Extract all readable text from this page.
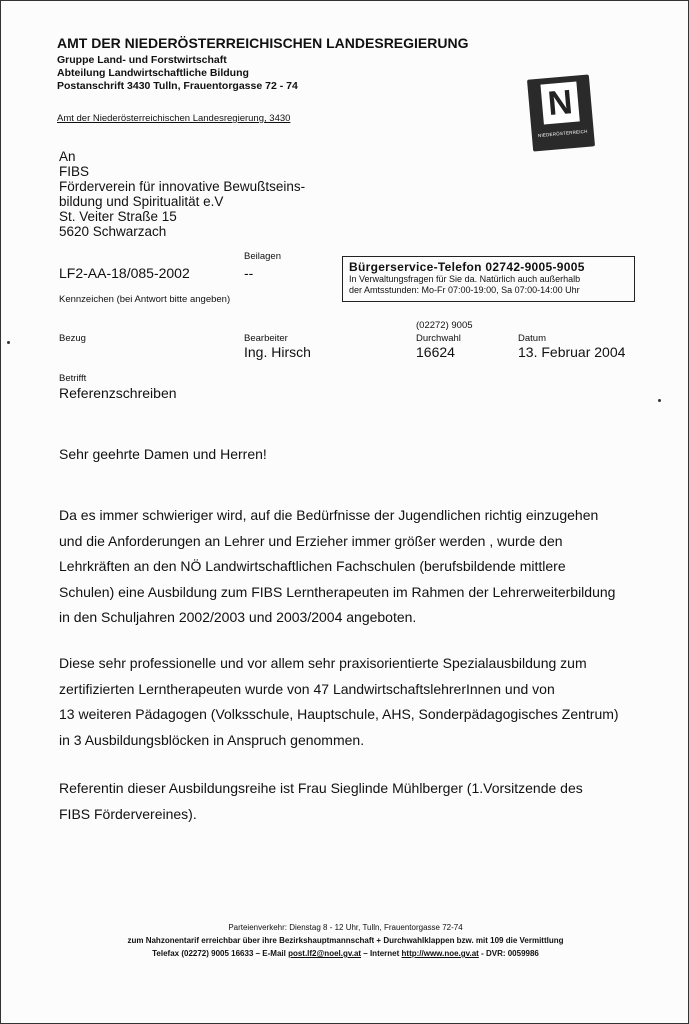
AMT DER NIEDERÖSTERREICHISCHEN LANDESREGIERUNG
Gruppe Land- und Forstwirtschaft
Abteilung Landwirtschaftliche Bildung
Postanschrift 3430 Tulln, Frauentorgasse 72 - 74
Amt der Niederösterreichischen Landesregierung, 3430	N
NIEDERÖSTERREICH
An
FIBS
Förderverein für innovative Bewußtseins-
bildung und Spiritualität e.V
St. Veiter Straße 15
5620 Schwarzach
Beilagen
--
LF2-AA-18/085-2002
Kennzeichen (bei Antwort bitte angeben)
Bürgerservice-Telefon 02742-9005-9005
In Verwaltungsfragen für Sie da. Natürlich auch außerhalb
der Amtsstunden: Mo-Fr 07:00-19:00, Sa 07:00-14:00 Uhr
Bezug	Bearbeiter
Ing. Hirsch
(02272) 9005
Durchwahl
16624
Datum
13. Februar 2004
Betrifft
Referenzschreiben
Sehr geehrte Damen und Herren!
Da es immer schwieriger wird, auf die Bedürfnisse der Jugendlichen richtig einzugehen
und die Anforderungen an Lehrer und Erzieher immer größer werden , wurde den
Lehrkräften an den NÖ Landwirtschaftlichen Fachschulen (berufsbildende mittlere
Schulen) eine Ausbildung zum FIBS Lerntherapeuten im Rahmen der Lehrerweiterbildung
in den Schuljahren 2002/2003 und 2003/2004 angeboten.
Diese sehr professionelle und vor allem sehr praxisorientierte Spezialausbildung zum
zertifizierten Lerntherapeuten wurde von 47 LandwirtschaftslehrerInnen und von
13 weiteren Pädagogen (Volksschule, Hauptschule, AHS, Sonderpädagogisches Zentrum)
in 3 Ausbildungsblöcken in Anspruch genommen.
Referentin dieser Ausbildungsreihe ist Frau Sieglinde Mühlberger (1.Vorsitzende des
FIBS Fördervereines).
Parteienverkehr: Dienstag 8 - 12 Uhr, Tulln, Frauentorgasse 72-74
zum Nahzonentarif erreichbar über ihre Bezirkshauptmannschaft + Durchwahlklappen bzw. mit 109 die Vermittlung
Telefax (02272) 9005 16633 – E-Mail post.lf2@noel.gv.at – Internet http://www.noe.gv.at - DVR: 0059986
